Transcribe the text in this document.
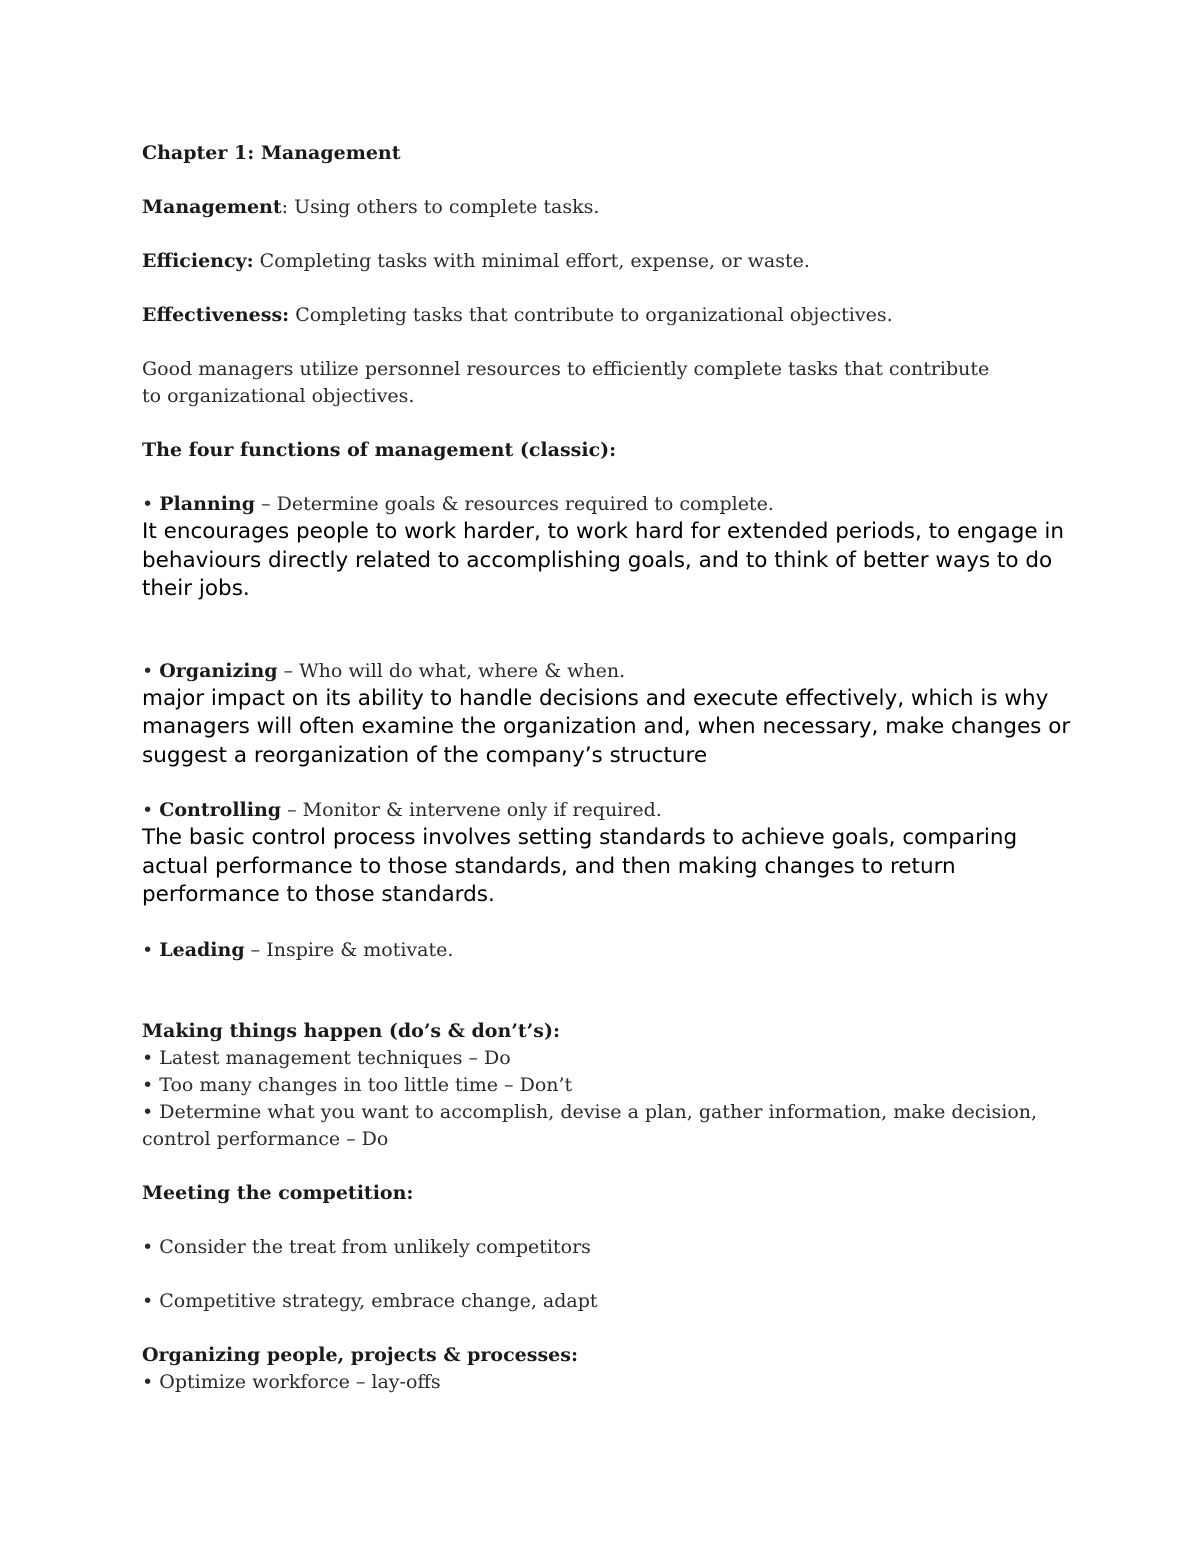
Chapter 1: Management

Management: Using others to complete tasks.

Efficiency: Completing tasks with minimal effort, expense, or waste.

Effectiveness: Completing tasks that contribute to organizational objectives.

Good managers utilize personnel resources to efficiently complete tasks that contribute to organizational objectives.

The four functions of management (classic):

• Planning – Determine goals & resources required to complete.

It encourages people to work harder, to work hard for extended periods, to engage in behaviours directly related to accomplishing goals, and to think of better ways to do their jobs.

• Organizing – Who will do what, where & when.

major impact on its ability to handle decisions and execute effectively, which is why managers will often examine the organization and, when necessary, make changes or suggest a reorganization of the company’s structure

• Controlling – Monitor & intervene only if required.

The basic control process involves setting standards to achieve goals, comparing actual performance to those standards, and then making changes to return performance to those standards.

• Leading – Inspire & motivate.

Making things happen (do’s & don’t’s):

• Latest management techniques – Do

• Too many changes in too little time – Don’t

• Determine what you want to accomplish, devise a plan, gather information, make decision, control performance – Do

Meeting the competition:

• Consider the treat from unlikely competitors

• Competitive strategy, embrace change, adapt

Organizing people, projects & processes:

• Optimize workforce – lay-offs
